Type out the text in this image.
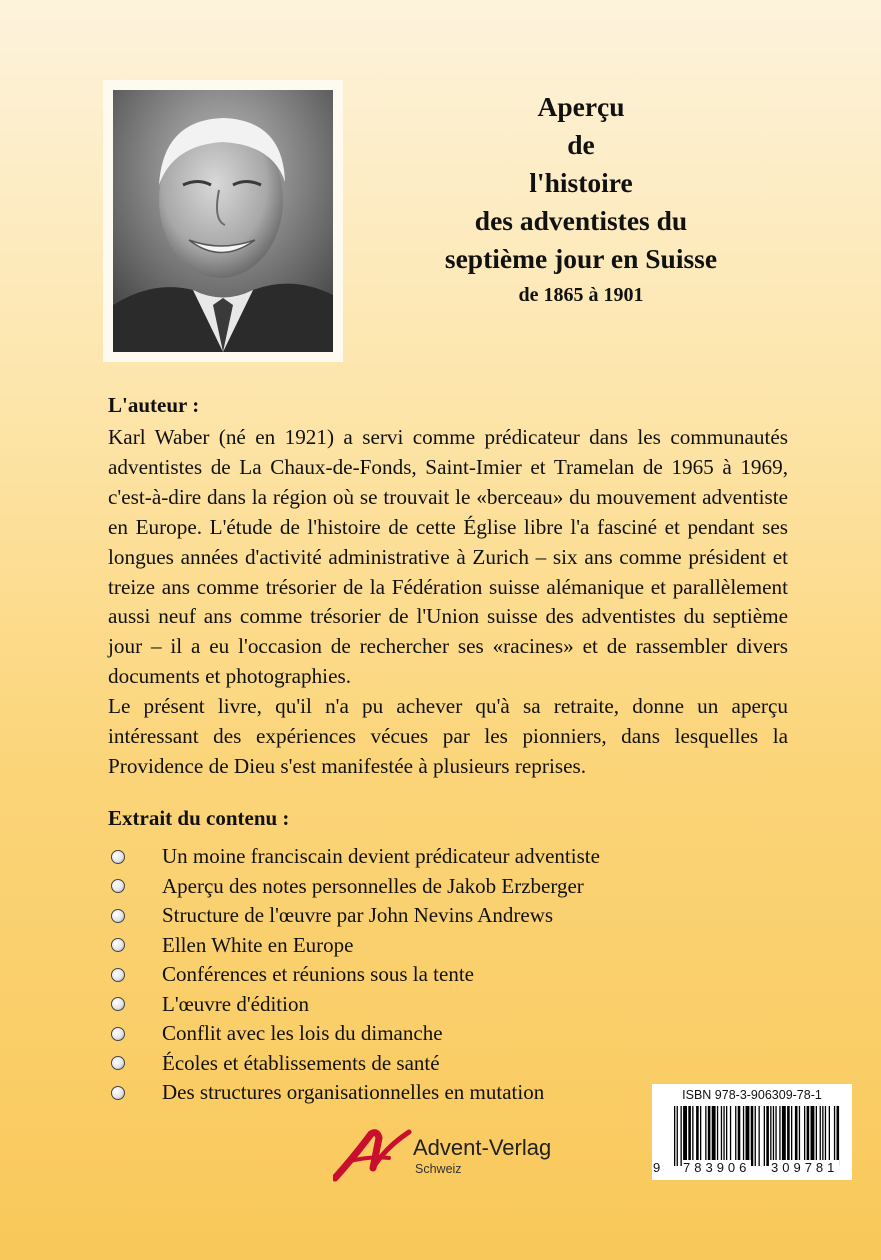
Aperçu
de
l'histoire
des adventistes du
septième jour en Suisse
de 1865 à 1901
L'auteur :

Karl Waber (né en 1921) a servi comme prédicateur dans les communautés adventistes de La Chaux-de-Fonds, Saint-Imier et Tramelan de 1965 à 1969, c'est-à-dire dans la région où se trouvait le «berceau» du mouvement adventiste en Europe. L'étude de l'histoire de cette Église libre l'a fasciné et pendant ses longues années d'activité administrative à Zurich – six ans comme président et treize ans comme trésorier de la Fédération suisse alémanique et parallèlement aussi neuf ans comme trésorier de l'Union suisse des adventistes du septième jour – il a eu l'occasion de rechercher ses «racines» et de rassembler divers documents et photographies.

Le présent livre, qu'il n'a pu achever qu'à sa retraite, donne un aperçu intéressant des expériences vécues par les pionniers, dans lesquelles la Providence de Dieu s'est manifestée à plusieurs reprises.

Extrait du contenu :
Un moine franciscain devient prédicateur adventiste
Aperçu des notes personnelles de Jakob Erzberger
Structure de l'œuvre par John Nevins Andrews
Ellen White en Europe
Conférences et réunions sous la tente
L'œuvre d'édition
Conflit avec les lois du dimanche
Écoles et établissements de santé
Des structures organisationnelles en mutation
Advent-Verlag
Schweiz
ISBN 978-3-906309-78-1
9 783906 309781
